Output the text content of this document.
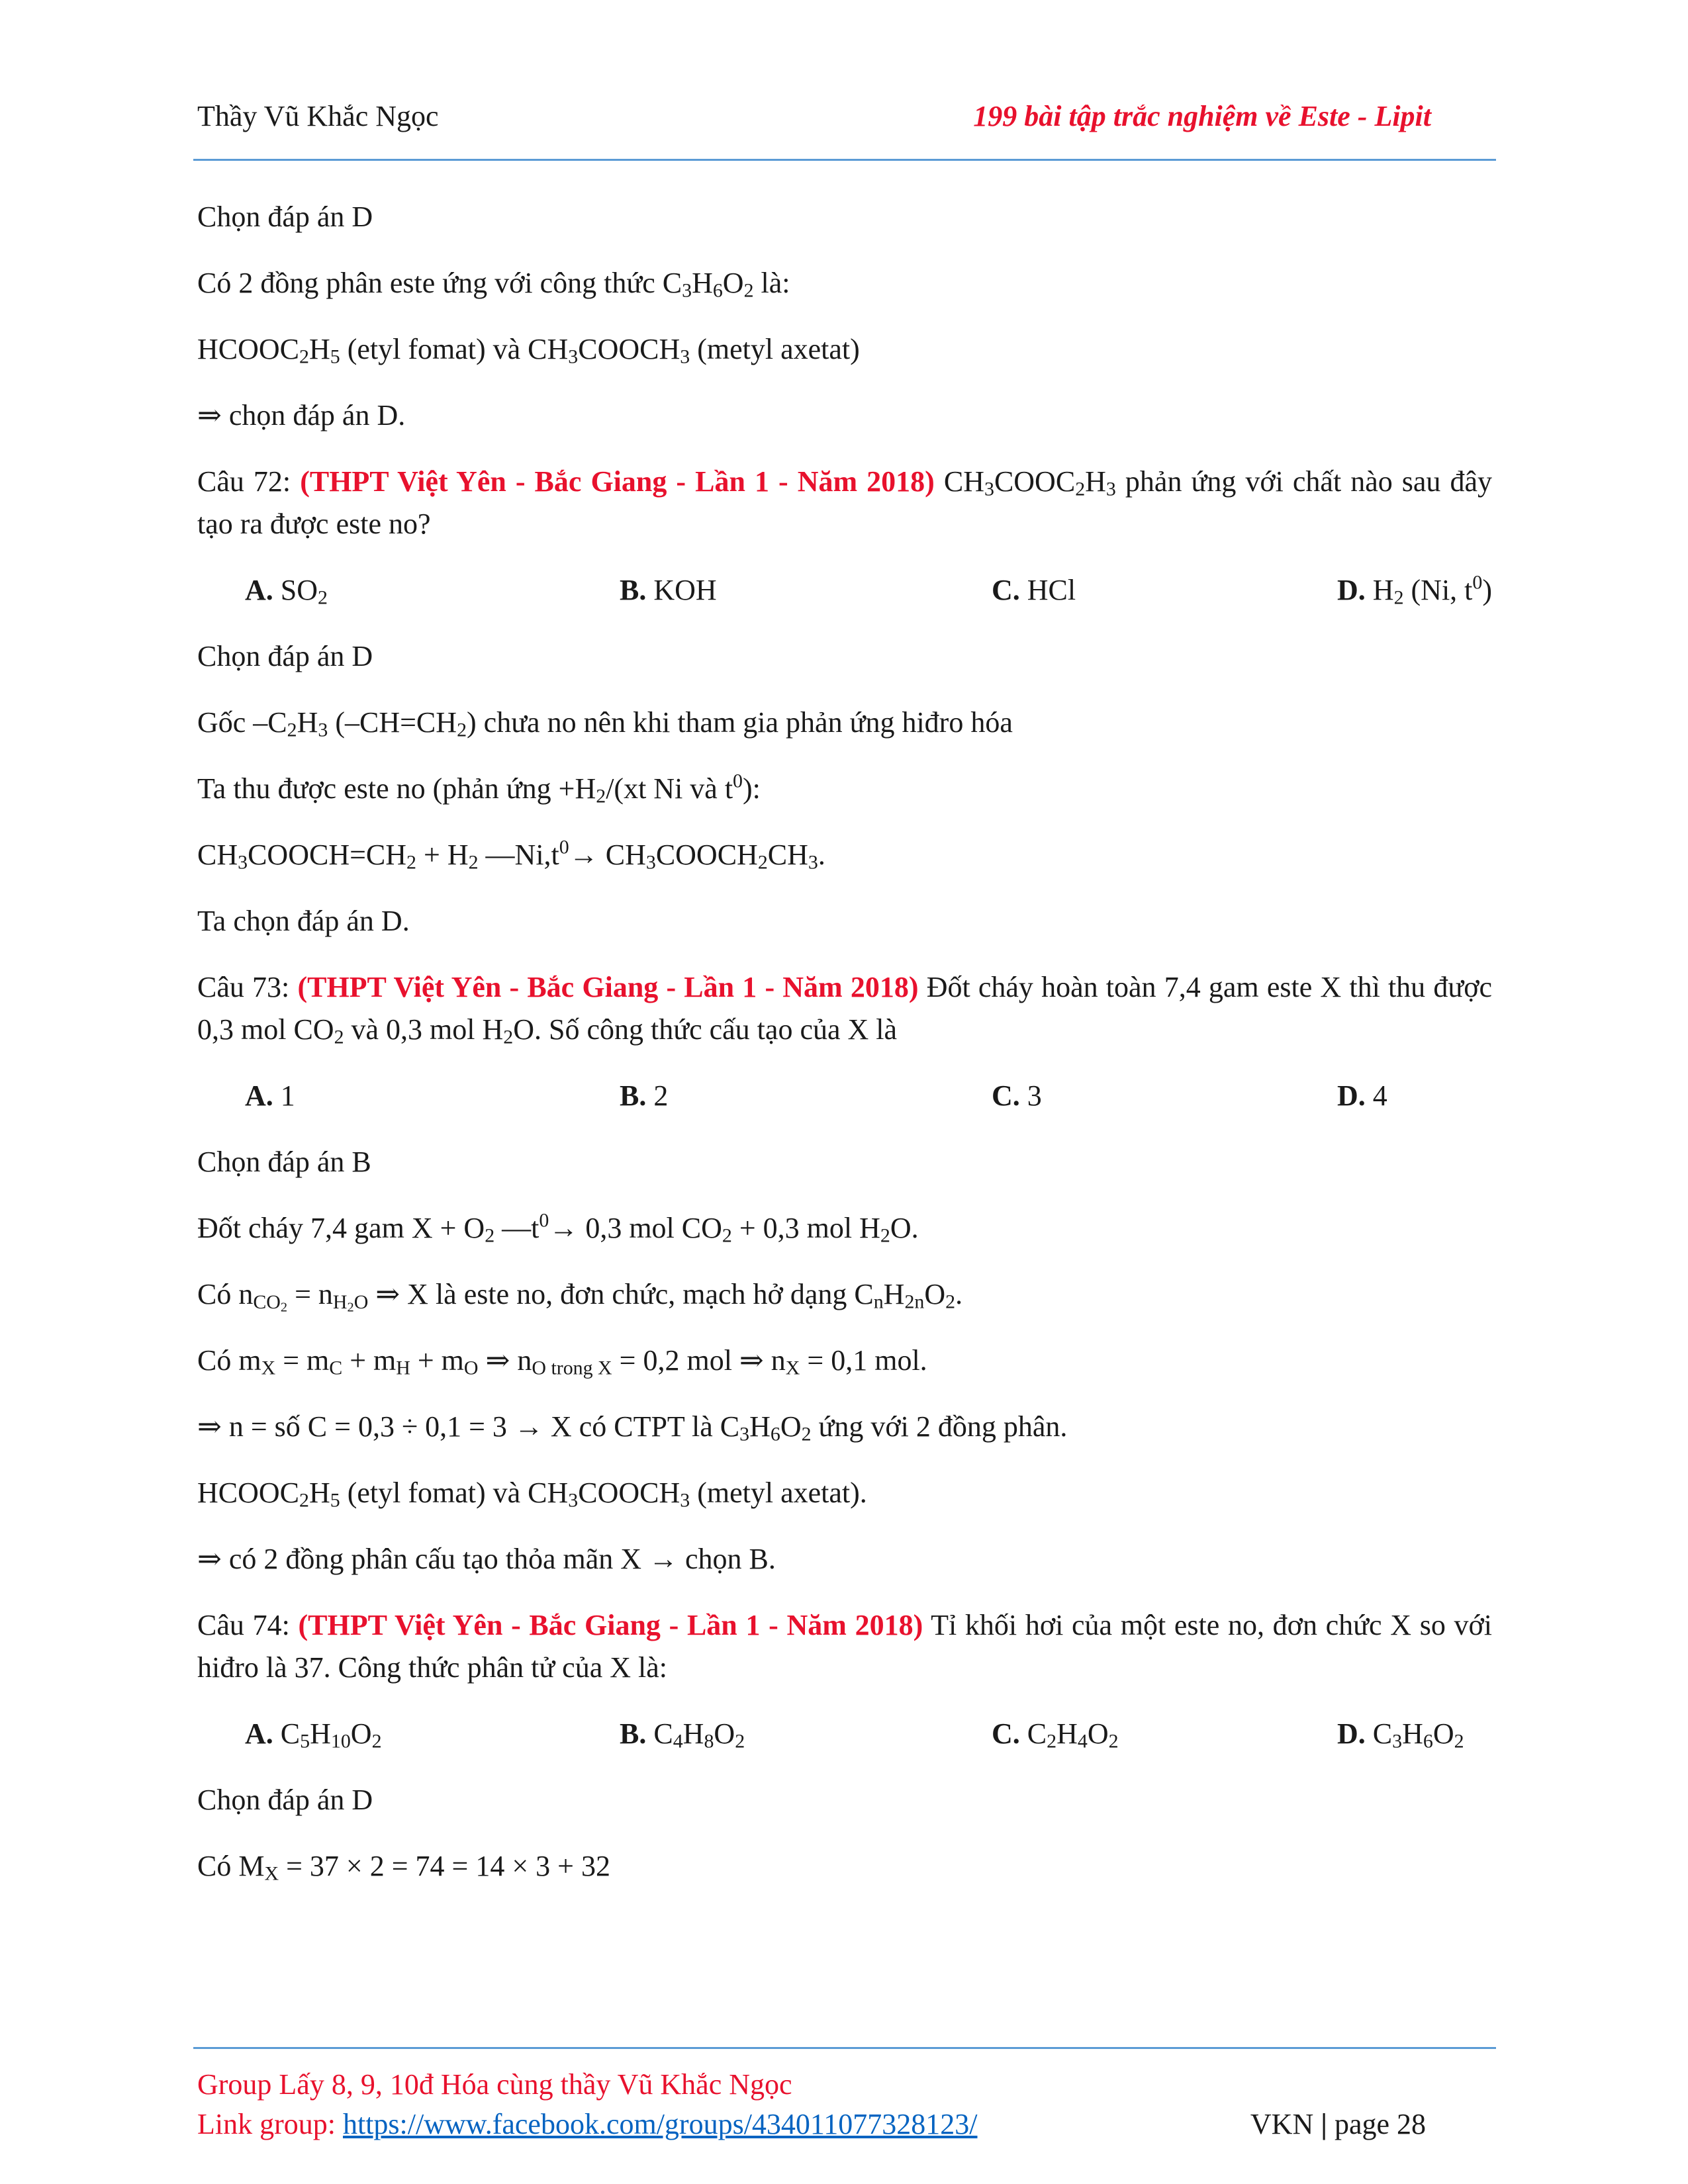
Thầy Vũ Khắc Ngọc	199 bài tập trắc nghiệm về Este - Lipit

Chọn đáp án D

Có 2 đồng phân este ứng với công thức $C_3H_6O_2$ là:

$HCOOC_2H_5$ (etyl fomat) và $CH_3COOCH_3$ (metyl axetat)

⇒ chọn đáp án D.

Câu 72: (THPT Việt Yên - Bắc Giang - Lần 1 - Năm 2018) $CH_3COOC_2H_3$ phản ứng với chất nào sau đây tạo ra được este no?

A. $SO_2$	B. KOH	C. HCl	D. $H_2$ (Ni, $t^0$)

Chọn đáp án D

Gốc $-C_2H_3$ $(-CH=CH_2)$ chưa no nên khi tham gia phản ứng hiđro hóa

Ta thu được este no (phản ứng $+H_2/(xt$ Ni và $t^0$):

$CH_3COOCH=CH_2 + H_2$ $—Ni,t^0\to$ $CH_3COOCH_2CH_3$.

Ta chọn đáp án D.

Câu 73: (THPT Việt Yên - Bắc Giang - Lần 1 - Năm 2018) Đốt cháy hoàn toàn 7,4 gam este X thì thu được 0,3 mol $CO_2$ và 0,3 mol $H_2O$. Số công thức cấu tạo của X là

A. 1	B. 2	C. 3	D. 4

Chọn đáp án B

Đốt cháy 7,4 gam $X + O_2$ $—t^0\to 0,3$ mol $CO_2 + 0,3$ mol $H_2O$.

Có $n_{CO_2} = n_{H_2O}$ ⇒ X là este no, đơn chức, mạch hở dạng $C_nH_{2n}O_2$.

Có $m_X = m_C + m_H + m_O$ ⇒ $n_{O trong X} = 0,2$ mol ⇒ $n_X = 0,1$ mol.

⇒ n = số C = 0,3 ÷ 0,1 = 3 → X có CTPT là $C_3H_6O_2$ ứng với 2 đồng phân.

$HCOOC_2H_5$ (etyl fomat) và $CH_3COOCH_3$ (metyl axetat).

⇒ có 2 đồng phân cấu tạo thỏa mãn X → chọn B.

Câu 74: (THPT Việt Yên - Bắc Giang - Lần 1 - Năm 2018) Tỉ khối hơi của một este no, đơn chức X so với hiđro là 37. Công thức phân tử của X là:

A. $C_5H_{10}O_2$	B. $C_4H_8O_2$	C. $C_2H_4O_2$	D. $C_3H_6O_2$

Chọn đáp án D

Có $M_X = 37 \times 2 = 74 = 14 \times 3 + 32$

Group Lấy 8, 9, 10đ Hóa cùng thầy Vũ Khắc Ngọc
Link group: https://www.facebook.com/groups/434011077328123/	VKN | page 28
